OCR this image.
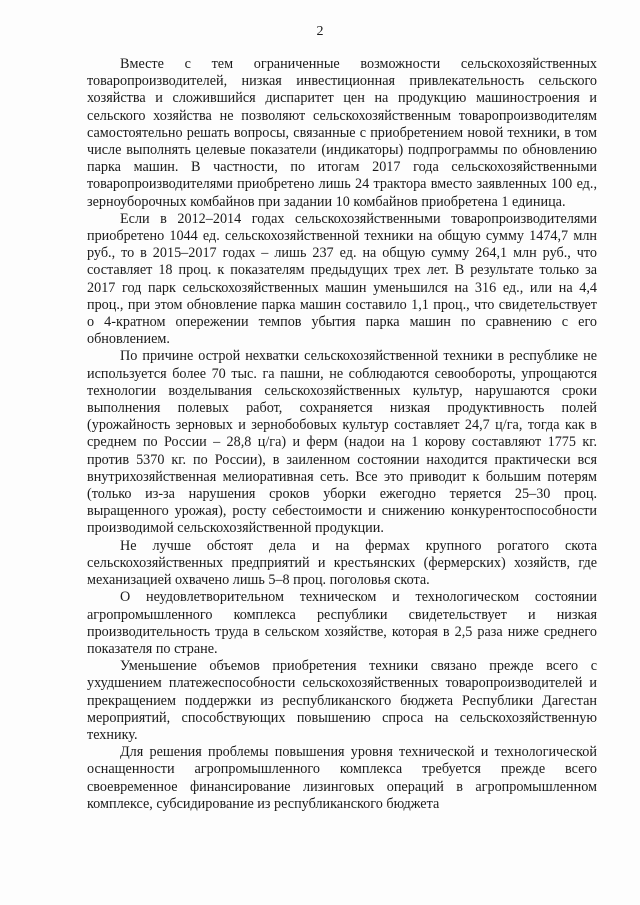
2

Вместе с тем ограниченные возможности сельскохозяйственных товаропроизводителей, низкая инвестиционная привлекательность сельского хозяйства и сложившийся диспаритет цен на продукцию машиностроения и сельского хозяйства не позволяют сельскохозяйственным товаропроизводителям самостоятельно решать вопросы, связанные с приобретением новой техники, в том числе выполнять целевые показатели (индикаторы) подпрограммы по обновлению парка машин. В частности, по итогам 2017 года сельскохозяйственными товаропроизводителями приобретено лишь 24 трактора вместо заявленных 100 ед., зерноуборочных комбайнов при задании 10 комбайнов приобретена 1 единица.

Если в 2012–2014 годах сельскохозяйственными товаропроизводителями приобретено 1044 ед. сельскохозяйственной техники на общую сумму 1474,7 млн руб., то в 2015–2017 годах – лишь 237 ед. на общую сумму 264,1 млн руб., что составляет 18 проц. к показателям предыдущих трех лет. В результате только за 2017 год парк сельскохозяйственных машин уменьшился на 316 ед., или на 4,4 проц., при этом обновление парка машин составило 1,1 проц., что свидетельствует о 4-кратном опережении темпов убытия парка машин по сравнению с его обновлением.

По причине острой нехватки сельскохозяйственной техники в республике не используется более 70 тыс. га пашни, не соблюдаются севообороты, упрощаются технологии возделывания сельскохозяйственных культур, нарушаются сроки выполнения полевых работ, сохраняется низкая продуктивность полей (урожайность зерновых и зернобобовых культур составляет 24,7 ц/га, тогда как в среднем по России – 28,8 ц/га) и ферм (надои на 1 корову составляют 1775 кг. против 5370 кг. по России), в заиленном состоянии находится практически вся внутрихозяйственная мелиоративная сеть. Все это приводит к большим потерям (только из-за нарушения сроков уборки ежегодно теряется 25–30 проц. выращенного урожая), росту себестоимости и снижению конкурентоспособности производимой сельскохозяйственной продукции.

Не лучше обстоят дела и на фермах крупного рогатого скота сельскохозяйственных предприятий и крестьянских (фермерских) хозяйств, где механизацией охвачено лишь 5–8 проц. поголовья скота.

О неудовлетворительном техническом и технологическом состоянии агропромышленного комплекса республики свидетельствует и низкая производительность труда в сельском хозяйстве, которая в 2,5 раза ниже среднего показателя по стране.

Уменьшение объемов приобретения техники связано прежде всего с ухудшением платежеспособности сельскохозяйственных товаропроизводителей и прекращением поддержки из республиканского бюджета Республики Дагестан мероприятий, способствующих повышению спроса на сельскохозяйственную технику.

Для решения проблемы повышения уровня технической и технологической оснащенности агропромышленного комплекса требуется прежде всего своевременное финансирование лизинговых операций в агропромышленном комплексе, субсидирование из республиканского бюджета
